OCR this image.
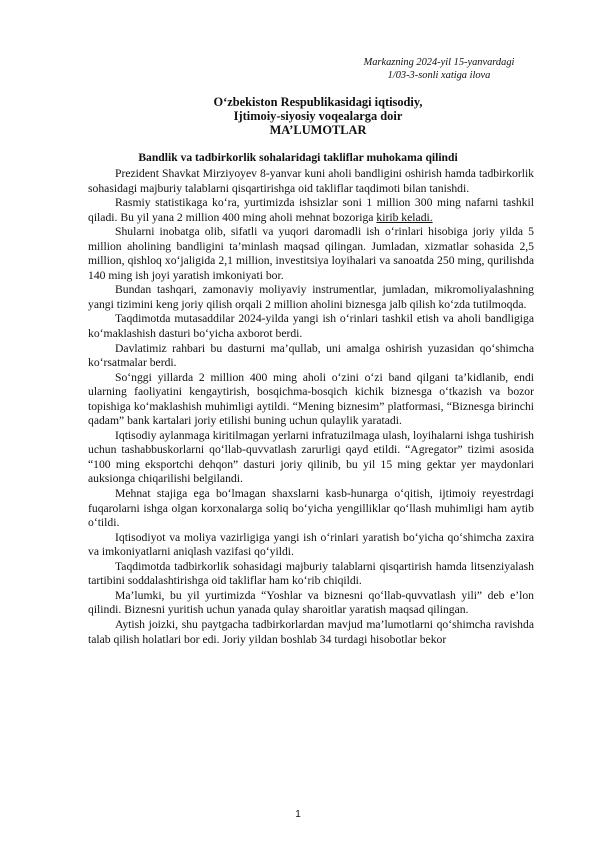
Markazning 2024-yil 15-yanvardagi
1/03-3-sonli xatiga ilova
O‘zbekiston Respublikasidagi iqtisodiy,
Ijtimoiy-siyosiy voqealarga doir
MA’LUMOTLAR
Bandlik va tadbirkorlik sohalaridagi takliflar muhokama qilindi

Prezident Shavkat Mirziyoyev 8-yanvar kuni aholi bandligini oshirish hamda tadbirkorlik sohasidagi majburiy talablarni qisqartirishga oid takliflar taqdimoti bilan tanishdi.

Rasmiy statistikaga ko‘ra, yurtimizda ishsizlar soni 1 million 300 ming nafarni tashkil qiladi. Bu yil yana 2 million 400 ming aholi mehnat bozoriga kirib keladi.

Shularni inobatga olib, sifatli va yuqori daromadli ish o‘rinlari hisobiga joriy yilda 5 million aholining bandligini ta’minlash maqsad qilingan. Jumladan, xizmatlar sohasida 2,5 million, qishloq xo‘jaligida 2,1 million, investitsiya loyihalari va sanoatda 250 ming, qurilishda 140 ming ish joyi yaratish imkoniyati bor.

Bundan tashqari, zamonaviy moliyaviy instrumentlar, jumladan, mikromoliyalashning yangi tizimini keng joriy qilish orqali 2 million aholini biznesga jalb qilish ko‘zda tutilmoqda.

Taqdimotda mutasaddilar 2024-yilda yangi ish o‘rinlari tashkil etish va aholi bandligiga ko‘maklashish dasturi bo‘yicha axborot berdi.

Davlatimiz rahbari bu dasturni ma’qullab, uni amalga oshirish yuzasidan qo‘shimcha ko‘rsatmalar berdi.

So‘nggi yillarda 2 million 400 ming aholi o‘zini o‘zi band qilgani ta’kidlanib, endi ularning faoliyatini kengaytirish, bosqichma-bosqich kichik biznesga o‘tkazish va bozor topishiga ko‘maklashish muhimligi aytildi. “Mening biznesim” platformasi, “Biznesga birinchi qadam” bank kartalari joriy etilishi buning uchun qulaylik yaratadi.

Iqtisodiy aylanmaga kiritilmagan yerlarni infratuzilmaga ulash, loyihalarni ishga tushirish uchun tashabbuskorlarni qo‘llab-quvvatlash zarurligi qayd etildi. “Agregator” tizimi asosida “100 ming eksportchi dehqon” dasturi joriy qilinib, bu yil 15 ming gektar yer maydonlari auksionga chiqarilishi belgilandi.

Mehnat stajiga ega bo‘lmagan shaxslarni kasb-hunarga o‘qitish, ijtimoiy reyestrdagi fuqarolarni ishga olgan korxonalarga soliq bo‘yicha yengilliklar qo‘llash muhimligi ham aytib o‘tildi.

Iqtisodiyot va moliya vazirligiga yangi ish o‘rinlari yaratish bo‘yicha qo‘shimcha zaxira va imkoniyatlarni aniqlash vazifasi qo‘yildi.

Taqdimotda tadbirkorlik sohasidagi majburiy talablarni qisqartirish hamda litsenziyalash tartibini soddalashtirishga oid takliflar ham ko‘rib chiqildi.

Ma’lumki, bu yil yurtimizda “Yoshlar va biznesni qo‘llab-quvvatlash yili” deb e’lon qilindi. Biznesni yuritish uchun yanada qulay sharoitlar yaratish maqsad qilingan.

Aytish joizki, shu paytgacha tadbirkorlardan mavjud ma’lumotlarni qo‘shimcha ravishda talab qilish holatlari bor edi. Joriy yildan boshlab 34 turdagi hisobotlar bekor

1
